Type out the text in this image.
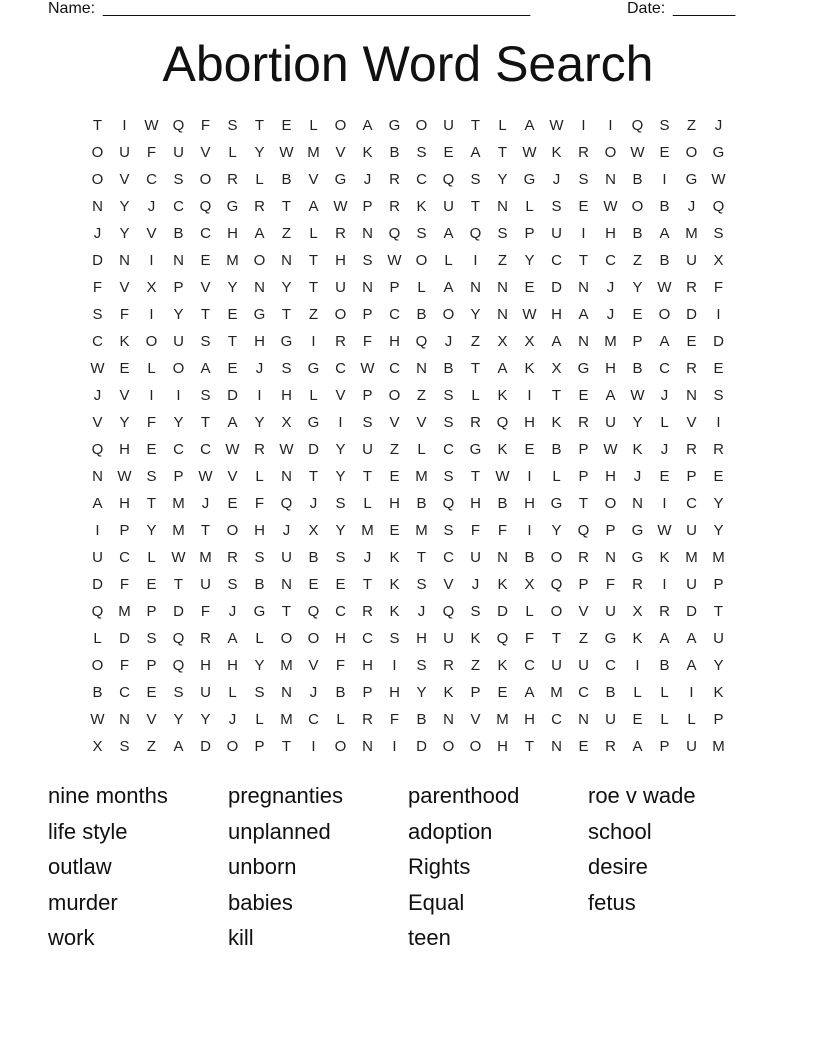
Name: ________________________________________________	Date: _______
Abortion Word Search
T	I	W Q	F	S	T	E	L	O	A	G	O	U	T	L	A W	I	I	Q	S	Z	J
O	U	F	U	V	L	Y W M	V	K	B	S	E	A	T	W K	R	O W E	O	G
O	V	C	S	O	R	L	B	V	G	J	R	C	Q	S	Y	G	J	S	N	B	I	G W
N	Y	J	C	Q	G	R	T	A W P	R	K	U	T	N	L	S	E W O	B	J	Q
J	Y	V	B	C	H	A	Z	L	R	N	Q	S	A	Q	S	P	U	I	H	B	A	M	S
D	N	I	N	E	M O	N	T	H	S W O	L	I	Z	Y	C	T	C	Z	B	U	X
F	V	X	P	V	Y	N	Y	T	U	N	P	L	A	N	N	E	D	N	J	Y W R	F
S	F	I	Y	T	E	G	T	Z	O	P	C	B	O	Y	N W H	A	J	E	O	D	I
C	K	O	U	S	T	H	G	I	R	F	H	Q	J	Z	X	X	A	N	M	P	A	E	D
W E	L	O	A	E	J	S	G	C W C	N	B	T	A	K	X	G	H	B	C	R	E
J	V	I	I	S	D	I	H	L	V	P	O	Z	S	L	K	I	T	E	A W	J	N	S
V	Y	F	Y	T	A	Y	X	G	I	S	V	V	S	R	Q	H	K	R	U	Y	L	V	I
Q	H	E	C	C W R W D	Y	U	Z	L	C	G	K	E	B	P W K	J	R	R
N W S	P W V	L	N	T	Y	T	E	M	S	T	W	I	L	P	H	J	E	P	E
A	H	T	M	J	E	F	Q	J	S	L	H	B	Q	H	B	H	G	T	O	N	I	C	Y
I	P	Y	M	T	O	H	J	X	Y	M	E	M	S	F	F	I	Y	Q	P	G W U	Y
U	C	L	W M	R	S	U	B	S	J	K	T	C	U	N	B	O	R	N	G	K	M M
D	F	E	T	U	S	B	N	E	E	T	K	S	V	J	K	X	Q	P	F	R	I	U	P
Q M	P	D	F	J	G	T	Q	C	R	K	J	Q	S	D	L	O	V	U	X	R	D	T
L	D	S	Q	R	A	L	O	O	H	C	S	H	U	K	Q	F	T	Z	G	K	A	A	U
O	F	P	Q	H	H	Y	M	V	F	H	I	S	R	Z	K	C	U	U	C	I	B	A	Y
B	C	E	S	U	L	S	N	J	B	P	H	Y	K	P	E	A	M	C	B	L	L	I	K
W N	V	Y	Y	J	L	M	C	L	R	F	B	N	V	M	H	C	N	U	E	L	L	P
X	S	Z	A	D	O	P	T	I	O	N	I	D	O	O	H	T	N	E	R	A	P	U	M
nine months	pregnanties	parenthood	roe v wade
life style	unplanned	adoption	school
outlaw	unborn	Rights	desire
murder	babies	Equal	fetus
work	kill	teen
